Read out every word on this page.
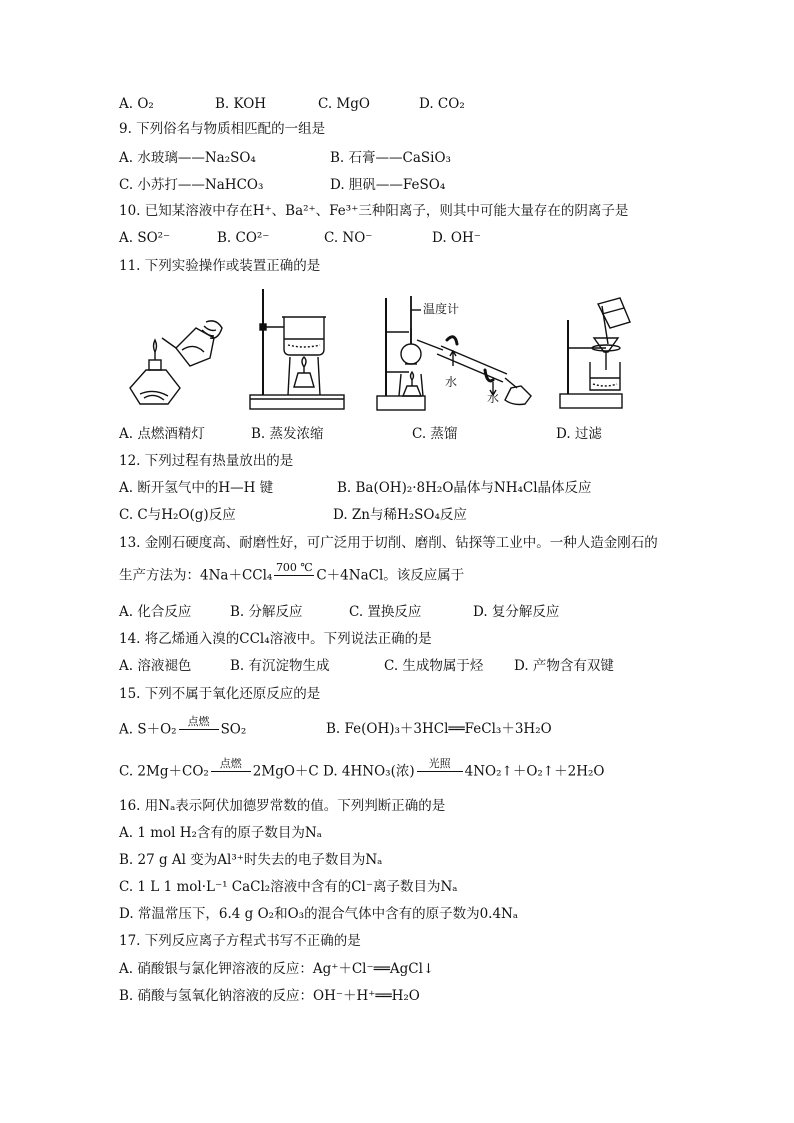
A. O₂	B. KOH	C. MgO	D. CO₂
9. 下列俗名与物质相匹配的一组是
A. 水玻璃——Na₂SO₄	B. 石膏——CaSiO₃
C. 小苏打——NaHCO₃	D. 胆矾——FeSO₄
10. 已知某溶液中存在H⁺、Ba²⁺、Fe³⁺三种阳离子，则其中可能大量存在的阴离子是
A. SO²⁻	B. CO²⁻	C. NO⁻	D. OH⁻
11. 下列实验操作或装置正确的是
温度计
水
水
A. 点燃酒精灯	B. 蒸发浓缩	C. 蒸馏	D. 过滤
12. 下列过程有热量放出的是
A. 断开氢气中的H—H 键	B. Ba(OH)₂·8H₂O晶体与NH₄Cl晶体反应
C. C与H₂O(g)反应	D. Zn与稀H₂SO₄反应
13. 金刚石硬度高、耐磨性好，可广泛用于切削、磨削、钻探等工业中。一种人造金刚石的
生产方法为：4Na＋CCl₄ 700 ℃ C＋4NaCl。该反应属于
A. 化合反应	B. 分解反应	C. 置换反应	D. 复分解反应
14. 将乙烯通入溴的CCl₄溶液中。下列说法正确的是
A. 溶液褪色	B. 有沉淀物生成	C. 生成物属于烃 D. 产物含有双键
15. 下列不属于氧化还原反应的是
A. S＋O₂	点燃 SO₂	B. Fe(OH)₃＋3HCl══FeCl₃＋3H₂O
C. 2Mg＋CO₂	点燃 2MgO＋C D. 4HNO₃(浓)	光照	4NO₂↑＋O₂↑＋2H₂O
16. 用Nₐ表示阿伏加德罗常数的值。下列判断正确的是
A. 1 mol H₂含有的原子数目为Nₐ
B. 27 g Al 变为Al³⁺时失去的电子数目为Nₐ
C. 1 L 1 mol·L⁻¹ CaCl₂溶液中含有的Cl⁻离子数目为Nₐ
D. 常温常压下，6.4 g O₂和O₃的混合气体中含有的原子数为0.4Nₐ
17. 下列反应离子方程式书写不正确的是
A. 硝酸银与氯化钾溶液的反应：Ag⁺＋Cl⁻══AgCl↓
B. 硝酸与氢氧化钠溶液的反应：OH⁻＋H⁺══H₂O
